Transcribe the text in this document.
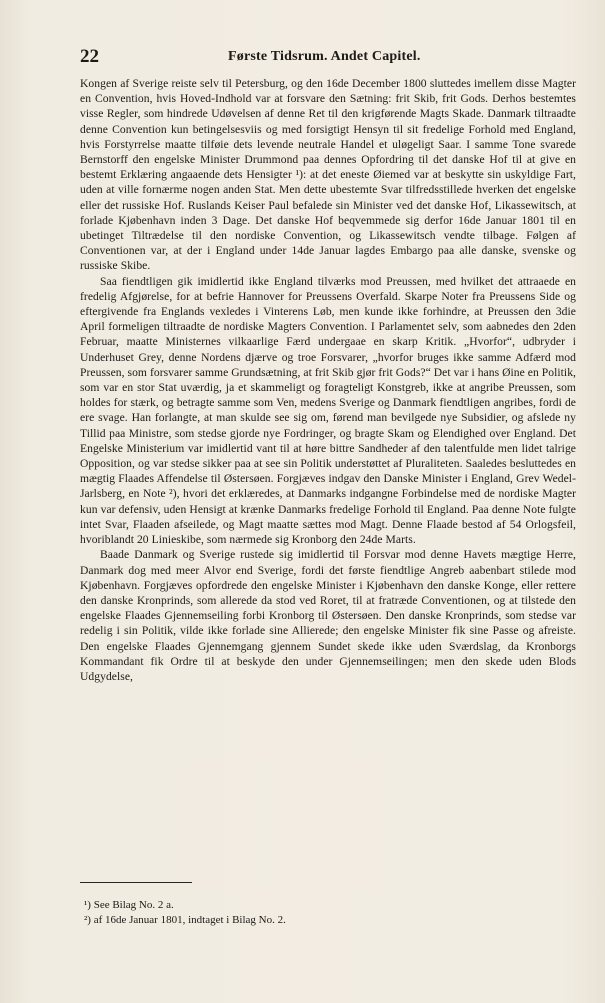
22	Første Tidsrum. Andet Capitel.

Kongen af Sverige reiste selv til Petersburg, og den 16de December 1800 sluttedes imellem disse Magter en Convention, hvis Hoved-Indhold var at forsvare den Sætning: frit Skib, frit Gods. Derhos bestemtes visse Regler, som hindrede Udøvelsen af denne Ret til den krigførende Magts Skade. Danmark tiltraadte denne Convention kun betingelsesviis og med forsigtigt Hensyn til sit fredelige Forhold med England, hvis Forstyrrelse maatte tilføie dets levende neutrale Handel et uløgeligt Saar. I samme Tone svarede Bernstorff den engelske Minister Drummond paa dennes Opfordring til det danske Hof til at give en bestemt Erklæring angaaende dets Hensigter ¹): at det eneste Øiemed var at beskytte sin uskyldige Fart, uden at ville fornærme nogen anden Stat. Men dette ubestemte Svar tilfredsstillede hverken det engelske eller det russiske Hof. Ruslands Keiser Paul befalede sin Minister ved det danske Hof, Likassewitsch, at forlade Kjøbenhavn inden 3 Dage. Det danske Hof beqvemmede sig derfor 16de Januar 1801 til en ubetinget Tiltrædelse til den nordiske Convention, og Likassewitsch vendte tilbage. Følgen af Conventionen var, at der i England under 14de Januar lagdes Embargo paa alle danske, svenske og russiske Skibe.

Saa fiendtligen gik imidlertid ikke England tilværks mod Preussen, med hvilket det attraaede en fredelig Afgjørelse, for at befrie Hannover for Preussens Overfald. Skarpe Noter fra Preussens Side og eftergivende fra Englands vexledes i Vinterens Løb, men kunde ikke forhindre, at Preussen den 3die April formeligen tiltraadte de nordiske Magters Convention. I Parlamentet selv, som aabnedes den 2den Februar, maatte Ministernes vilkaarlige Færd undergaae en skarp Kritik. „Hvorfor“, udbryder i Underhuset Grey, denne Nordens djærve og troe Forsvarer, „hvorfor bruges ikke samme Adfærd mod Preussen, som forsvarer samme Grundsætning, at frit Skib gjør frit Gods?“ Det var i hans Øine en Politik, som var en stor Stat uværdig, ja et skammeligt og foragteligt Konstgreb, ikke at angribe Preussen, som holdes for stærk, og betragte samme som Ven, medens Sverige og Danmark fiendtligen angribes, fordi de ere svage. Han forlangte, at man skulde see sig om, førend man bevilgede nye Subsidier, og afslede ny Tillid paa Ministre, som stedse gjorde nye Fordringer, og bragte Skam og Elendighed over England. Det Engelske Ministerium var imidlertid vant til at høre bittre Sandheder af den talentfulde men lidet talrige Opposition, og var stedse sikker paa at see sin Politik understøttet af Pluraliteten. Saaledes besluttedes en mægtig Flaades Affendelse til Østersøen. Forgjæves indgav den Danske Minister i England, Grev Wedel-Jarlsberg, en Note ²), hvori det erklæredes, at Danmarks indgangne Forbindelse med de nordiske Magter kun var defensiv, uden Hensigt at krænke Danmarks fredelige Forhold til England. Paa denne Note fulgte intet Svar, Flaaden afseilede, og Magt maatte sættes mod Magt. Denne Flaade bestod af 54 Orlogsfeil, hvoriblandt 20 Linieskibe, som nærmede sig Kronborg den 24de Marts.

Baade Danmark og Sverige rustede sig imidlertid til Forsvar mod denne Havets mægtige Herre, Danmark dog med meer Alvor end Sverige, fordi det første fiendtlige Angreb aabenbart stilede mod Kjøbenhavn. Forgjæves opfordrede den engelske Minister i Kjøbenhavn den danske Konge, eller rettere den danske Kronprinds, som allerede da stod ved Roret, til at fratræde Conventionen, og at tilstede den engelske Flaades Gjennemseiling forbi Kronborg til Østersøen. Den danske Kronprinds, som stedse var redelig i sin Politik, vilde ikke forlade sine Allierede; den engelske Minister fik sine Passe og afreiste. Den engelske Flaades Gjennemgang gjennem Sundet skede ikke uden Sværdslag, da Kronborgs Kommandant fik Ordre til at beskyde den under Gjennemseilingen; men den skede uden Blods Udgydelse,

¹) See Bilag No. 2 a.

²) af 16de Januar 1801, indtaget i Bilag No. 2.
